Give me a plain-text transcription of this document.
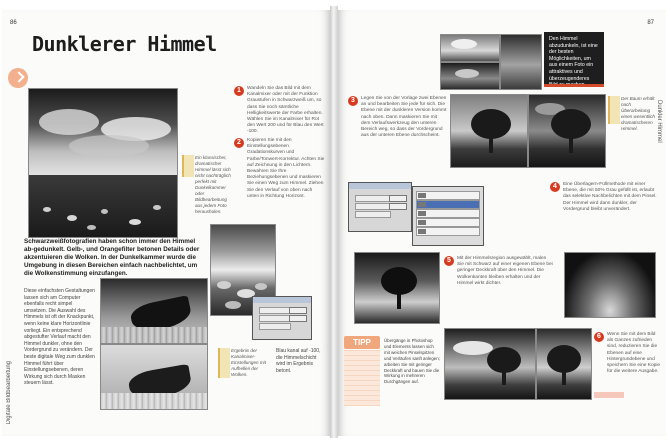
86
Dunklerer Himmel
Digitale Bildbearbeitung

Ein klassischer, dramatischer Himmel lässt sich nicht nachträglich perfekt mit Dunkelkammer oder Bildbearbeitung aus jedem Foto herausholen.

1	Wandeln Sie das Bild mit dem Kanalmixer oder mit der Funktion Graustufen in Schwarzweiß um, so dass Sie noch sämtliche Helligkeitswerte der Farbe erhalten. Wählen Sie im Kanalmixer für Rot den Wert 200 und für Blau den Wert -100.

2	Kopieren Sie mit den Einstellungsebenen Gradationskurven und Farbe/Tonwert-Korrektur. Achten Sie auf Zeichnung in den Lichtern. Bewahren Sie Ihre Beziehungsebenen und maskieren Sie einen Weg zum Himmel. Ziehen Sie den Verlauf von oben nach unten in Richtung Horizont.

Schwarzweißfotografien haben schon immer den Himmel ab-gedunkelt. Gelb-, und Orangefilter betonen Details oder akzentuieren die Wolken. In der Dunkelkammer wurde die Umgebung in diesen Bereichen einfach nachbelichtet, um die Wolkenstimmung einzufangen.

Diese einfachsten Gestaltungen lassen sich am Computer ebenfalls recht simpel umsetzen. Die Auswahl des Himmels ist oft der Knackpunkt, wenn keine klare Horizontlinie vorliegt. Ein entsprechend abgestufter Verlauf macht den Himmel dunkler, ohne den Vordergrund zu verändern. Der beste digitale Weg zum dunklen Himmel führt über Einstellungsebenen, deren Wirkung sich durch Masken steuern lässt.

Ergebnis der Kanalmixer-Einstellungen mit Aufhellen der Wolken.

Blau kanal auf -100, die Himmelschicht wird im Ergebnis betont.

87
Dunkler Himmel

Den Himmel abzudunkeln, ist eine der besten Möglichkeiten, um aus einem Foto ein attraktives und überzeugenderes

3	Legen Sie von der Vorlage zwei Ebenen an und bearbeiten Sie jede für sich. Die Ebene mit der dunkleren Version kommt nach oben. Dann maskieren Sie mit dem Verlaufswerkzeug den unteren Bereich weg, so dass der Vordergrund aus der unteren Ebene durchscheint.

Der Baum erhält nach Überarbeitung einen wesentlich dramatischeren Himmel.

4	Eine Überlagern-Füllmethode mit einer Ebene, die mit 50% Grau gefüllt ist, erlaubt das selektive Nachbelichten mit dem Pinsel. Der Himmel wird dann dunkler, der Vordergrund bleibt unverändert.

5	Mit der Himmelsregion ausgewählt, malen Sie mit Schwarz auf einer eigenen Ebene bei geringer Deckkraft über den Himmel. Die Wolkenkanten bleiben erhalten und der Himmel wirkt dichter.

TIPP	Übergänge in Photoshop und Elements lassen sich mit weichen Pinselspitzen und Verläufen sanft anlegen; arbeiten Sie mit geringer Deckkraft und bauen Sie die Wirkung in mehreren Durchgängen auf.

6	Wenn Sie mit dem Bild als Ganzes zufrieden sind, reduzieren Sie die Ebenen auf eine Hintergrundebene und speichern Sie eine Kopie für die weitere Ausgabe.
